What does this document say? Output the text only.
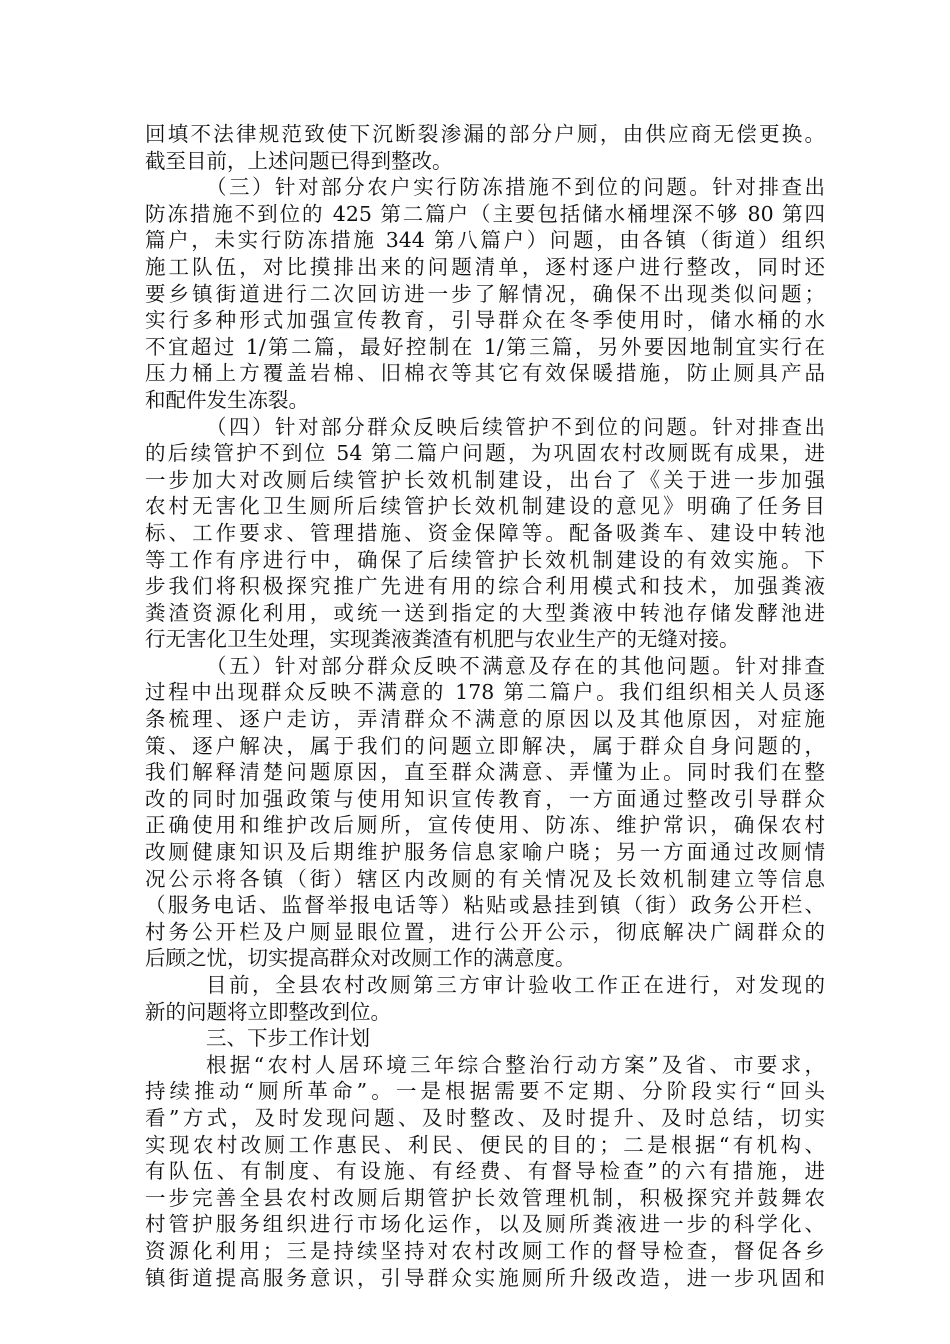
回填不法律规范致使下沉断裂渗漏的部分户厕，由供应商无偿更换。
截至目前，上述问题已得到整改。
（三）针对部分农户实行防冻措施不到位的问题。针对排查出
防冻措施不到位的 425 第二篇户（主要包括储水桶埋深不够 80 第四
篇户，未实行防冻措施 344 第八篇户）问题，由各镇（街道）组织
施工队伍，对比摸排出来的问题清单，逐村逐户进行整改，同时还
要乡镇街道进行二次回访进一步了解情况，确保不出现类似问题；
实行多种形式加强宣传教育，引导群众在冬季使用时，储水桶的水
不宜超过 1/第二篇，最好控制在 1/第三篇，另外要因地制宜实行在
压力桶上方覆盖岩棉、旧棉衣等其它有效保暖措施，防止厕具产品
和配件发生冻裂。
（四）针对部分群众反映后续管护不到位的问题。针对排查出
的后续管护不到位 54 第二篇户问题，为巩固农村改厕既有成果，进
一步加大对改厕后续管护长效机制建设，出台了《关于进一步加强
农村无害化卫生厕所后续管护长效机制建设的意见》明确了任务目
标、工作要求、管理措施、资金保障等。配备吸粪车、建设中转池
等工作有序进行中，确保了后续管护长效机制建设的有效实施。下
步我们将积极探究推广先进有用的综合利用模式和技术，加强粪液
粪渣资源化利用，或统一送到指定的大型粪液中转池存储发酵池进
行无害化卫生处理，实现粪液粪渣有机肥与农业生产的无缝对接。
（五）针对部分群众反映不满意及存在的其他问题。针对排查
过程中出现群众反映不满意的 178 第二篇户。我们组织相关人员逐
条梳理、逐户走访，弄清群众不满意的原因以及其他原因，对症施
策、逐户解决，属于我们的问题立即解决，属于群众自身问题的，
我们解释清楚问题原因，直至群众满意、弄懂为止。同时我们在整
改的同时加强政策与使用知识宣传教育，一方面通过整改引导群众
正确使用和维护改后厕所，宣传使用、防冻、维护常识，确保农村
改厕健康知识及后期维护服务信息家喻户晓；另一方面通过改厕情
况公示将各镇（街）辖区内改厕的有关情况及长效机制建立等信息
（服务电话、监督举报电话等）粘贴或悬挂到镇（街）政务公开栏、
村务公开栏及户厕显眼位置，进行公开公示，彻底解决广阔群众的
后顾之忧，切实提高群众对改厕工作的满意度。
目前，全县农村改厕第三方审计验收工作正在进行，对发现的
新的问题将立即整改到位。
三、下步工作计划
根据“农村人居环境三年综合整治行动方案”及省、市要求，
持续推动“厕所革命”。一是根据需要不定期、分阶段实行“回头
看”方式，及时发现问题、及时整改、及时提升、及时总结，切实
实现农村改厕工作惠民、利民、便民的目的；二是根据“有机构、
有队伍、有制度、有设施、有经费、有督导检查”的六有措施，进
一步完善全县农村改厕后期管护长效管理机制，积极探究并鼓舞农
村管护服务组织进行市场化运作，以及厕所粪液进一步的科学化、
资源化利用；三是持续坚持对农村改厕工作的督导检查，督促各乡
镇街道提高服务意识，引导群众实施厕所升级改造，进一步巩固和
